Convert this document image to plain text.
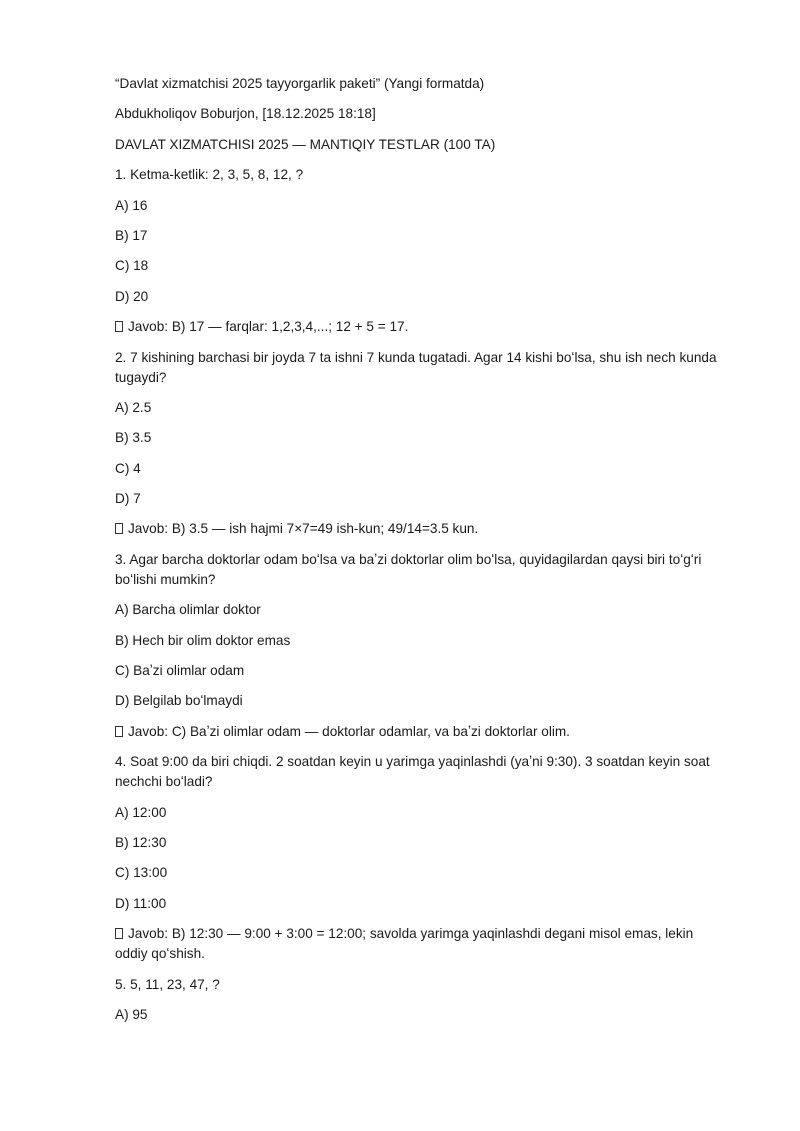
“Davlat xizmatchisi 2025 tayyorgarlik paketi” (Yangi formatda)

Abdukholiqov Boburjon, [18.12.2025 18:18]

DAVLAT XIZMATCHISI 2025 — MANTIQIY TESTLAR (100 TA)

1. Ketma-ketlik: 2, 3, 5, 8, 12, ?

A) 16

B) 17

C) 18

D) 20

Javob: B) 17 — farqlar: 1,2,3,4,...; 12 + 5 = 17.

2. 7 kishining barchasi bir joyda 7 ta ishni 7 kunda tugatadi. Agar 14 kishi boʻlsa, shu ish nech kunda tugaydi?

A) 2.5

B) 3.5

C) 4

D) 7

Javob: B) 3.5 — ish hajmi 7×7=49 ish-kun; 49/14=3.5 kun.

3. Agar barcha doktorlar odam boʻlsa va baʼzi doktorlar olim boʻlsa, quyidagilardan qaysi biri toʻgʻri boʻlishi mumkin?

A) Barcha olimlar doktor

B) Hech bir olim doktor emas

C) Baʼzi olimlar odam

D) Belgilab boʻlmaydi

Javob: C) Baʼzi olimlar odam — doktorlar odamlar, va baʼzi doktorlar olim.

4. Soat 9:00 da biri chiqdi. 2 soatdan keyin u yarimga yaqinlashdi (yaʼni 9:30). 3 soatdan keyin soat nechchi boʻladi?

A) 12:00

B) 12:30

C) 13:00

D) 11:00

Javob: B) 12:30 — 9:00 + 3:00 = 12:00; savolda yarimga yaqinlashdi degani misol emas, lekin oddiy qoʻshish.

5. 5, 11, 23, 47, ?

A) 95
